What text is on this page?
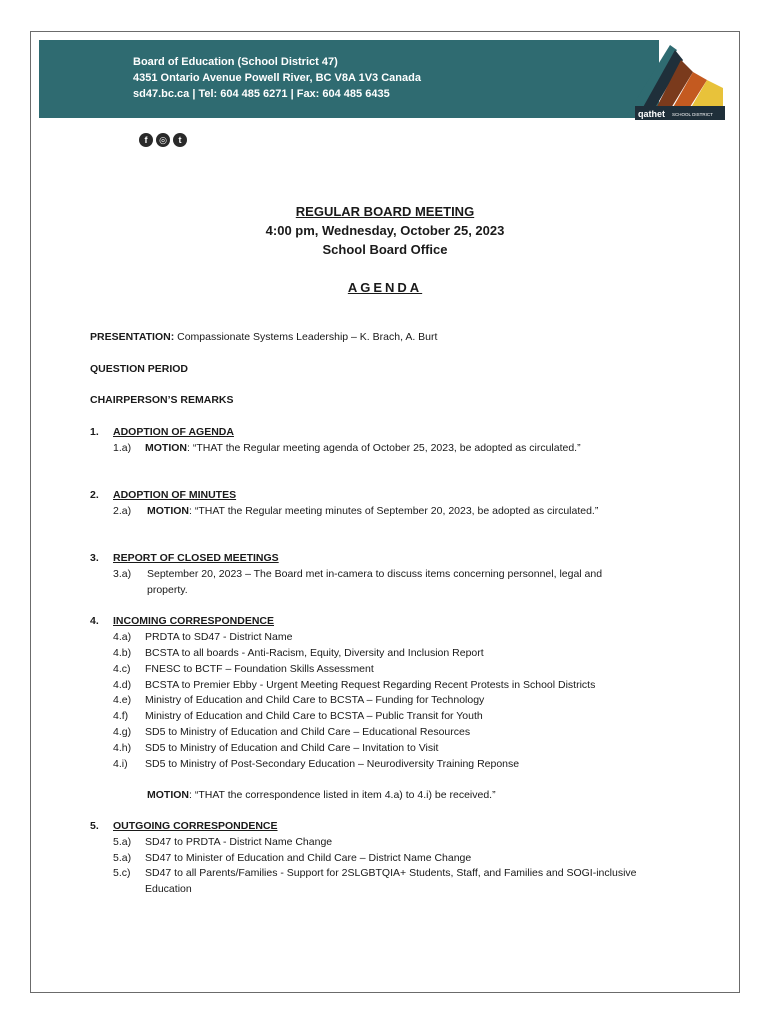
Board of Education (School District 47)
4351 Ontario Avenue Powell River, BC V8A 1V3 Canada
sd47.bc.ca | Tel: 604 485 6271 | Fax: 604 485 6435
qathet SCHOOL DISTRICT
f	◎	t
REGULAR BOARD MEETING
4:00 pm, Wednesday, October 25, 2023
School Board Office
AGENDA
PRESENTATION: Compassionate Systems Leadership – K. Brach, A. Burt
QUESTION PERIOD
CHAIRPERSON’S REMARKS
1. ADOPTION OF AGENDA
1.a) MOTION: “THAT the Regular meeting agenda of October 25, 2023, be adopted as circulated.”
2. ADOPTION OF MINUTES
2.a) MOTION: “THAT the Regular meeting minutes of September 20, 2023, be adopted as circulated.”
3. REPORT OF CLOSED MEETINGS
3.a) September 20, 2023 – The Board met in-camera to discuss items concerning personnel, legal and
property.
4. INCOMING CORRESPONDENCE
4.a) PRDTA to SD47 - District Name
4.b) BCSTA to all boards - Anti-Racism, Equity, Diversity and Inclusion Report
4.c) FNESC to BCTF – Foundation Skills Assessment
4.d) BCSTA to Premier Ebby - Urgent Meeting Request Regarding Recent Protests in School Districts
4.e) Ministry of Education and Child Care to BCSTA – Funding for Technology
4.f) Ministry of Education and Child Care to BCSTA – Public Transit for Youth
4.g) SD5 to Ministry of Education and Child Care – Educational Resources
4.h) SD5 to Ministry of Education and Child Care – Invitation to Visit
4.i) SD5 to Ministry of Post-Secondary Education – Neurodiversity Training Reponse
MOTION: “THAT the correspondence listed in item 4.a) to 4.i) be received.”
5. OUTGOING CORRESPONDENCE
5.a) SD47 to PRDTA - District Name Change
5.a) SD47 to Minister of Education and Child Care – District Name Change
5.c) SD47 to all Parents/Families - Support for 2SLGBTQIA+ Students, Staff, and Families and SOGI-inclusive
Education
